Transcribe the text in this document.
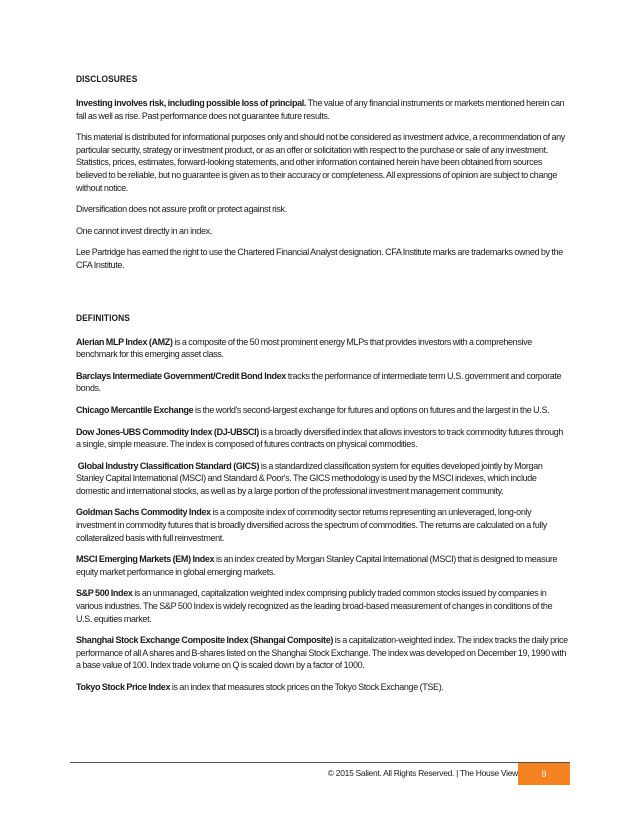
DISCLOSURES

Investing involves risk, including possible loss of principal. The value of any financial instruments or markets mentioned herein can fall as well as rise. Past performance does not guarantee future results.

This material is distributed for informational purposes only and should not be considered as investment advice, a recommendation of any particular security, strategy or investment product, or as an offer or solicitation with respect to the purchase or sale of any investment. Statistics, prices, estimates, forward-looking statements, and other information contained herein have been obtained from sources believed to be reliable, but no guarantee is given as to their accuracy or completeness. All expressions of opinion are subject to change without notice.

Diversification does not assure profit or protect against risk.

One cannot invest directly in an index.

Lee Partridge has earned the right to use the Chartered Financial Analyst designation. CFA Institute marks are trademarks owned by the CFA Institute.

DEFINITIONS

Alerian MLP Index (AMZ) is a composite of the 50 most prominent energy MLPs that provides investors with a comprehensive benchmark for this emerging asset class.

Barclays Intermediate Government/Credit Bond Index tracks the performance of intermediate term U.S. government and corporate bonds.

Chicago Mercantile Exchange is the world's second-largest exchange for futures and options on futures and the largest in the U.S.

Dow Jones-UBS Commodity Index (DJ-UBSCI) is a broadly diversified index that allows investors to track commodity futures through a single, simple measure. The index is composed of futures contracts on physical commodities.

Global Industry Classification Standard (GICS) is a standardized classification system for equities developed jointly by Morgan Stanley Capital International (MSCI) and Standard & Poor's. The GICS methodology is used by the MSCI indexes, which include domestic and international stocks, as well as by a large portion of the professional investment management community.

Goldman Sachs Commodity Index is a composite index of commodity sector returns representing an unleveraged, long-only investment in commodity futures that is broadly diversified across the spectrum of commodities. The returns are calculated on a fully collateralized basis with full reinvestment.

MSCI Emerging Markets (EM) Index is an index created by Morgan Stanley Capital International (MSCI) that is designed to measure equity market performance in global emerging markets.

S&P 500 Index is an unmanaged, capitalization weighted index comprising publicly traded common stocks issued by companies in various industries. The S&P 500 Index is widely recognized as the leading broad-based measurement of changes in conditions of the U.S. equities market.

Shanghai Stock Exchange Composite Index (Shangai Composite) is a capitalization-weighted index. The index tracks the daily price performance of all A shares and B-shares listed on the Shanghai Stock Exchange. The index was developed on December 19, 1990 with a base value of 100. Index trade volume on Q is scaled down by a factor of 1000.

Tokyo Stock Price Index is an index that measures stock prices on the Tokyo Stock Exchange (TSE).

© 2015 Salient. All Rights Reserved. | The House View	9
